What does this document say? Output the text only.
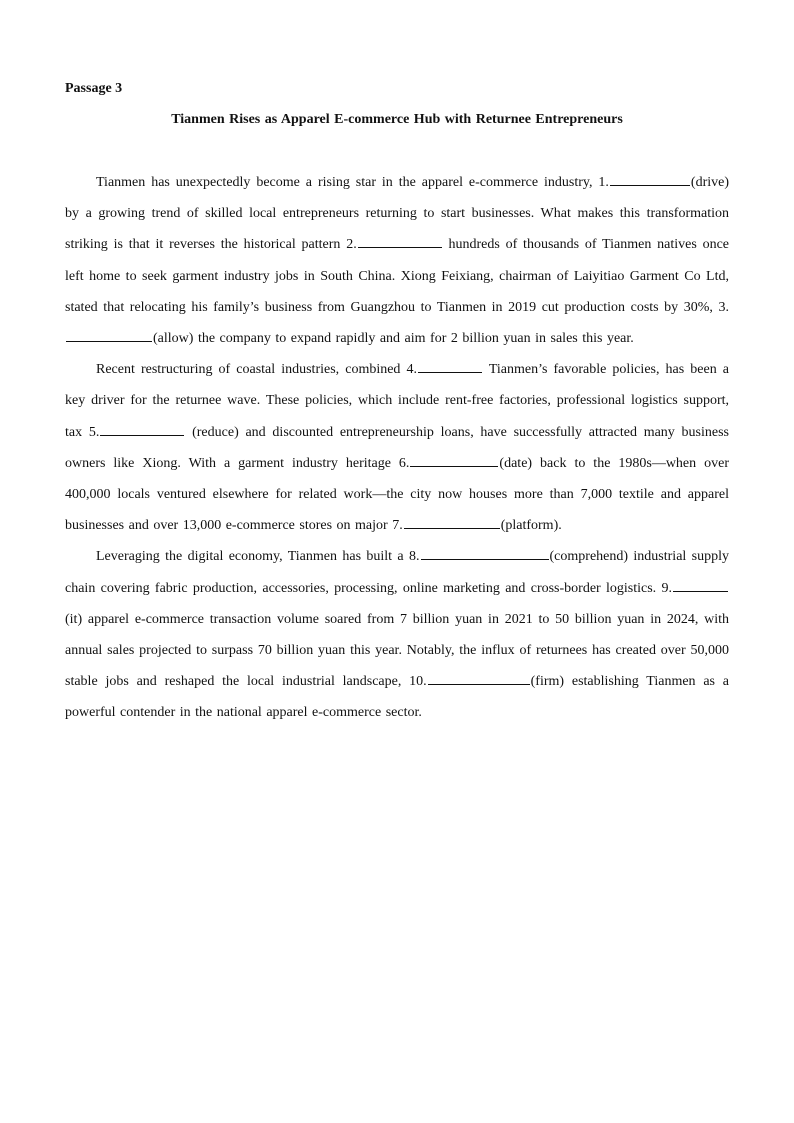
Passage 3

Tianmen Rises as Apparel E-commerce Hub with Returnee Entrepreneurs

Tianmen has unexpectedly become a rising star in the apparel e-commerce industry, 1.	(drive) by a growing trend of skilled local entrepreneurs returning to start businesses. What makes this transformation striking is that it reverses the historical pattern 2.	hundreds of thousands of Tianmen natives once left home to seek garment industry jobs in South China. Xiong Feixiang, chairman of Laiyitiao Garment Co Ltd, stated that relocating his family’s business from Guangzhou to Tianmen in 2019 cut production costs by 30%, 3.(allow) the company to expand rapidly and aim for 2 billion yuan in sales this year.

Recent restructuring of coastal industries, combined 4.	Tianmen’s favorable policies, has been a key driver for the returnee wave. These policies, which include rent-free factories, professional logistics support, tax 5.	(reduce) and discounted entrepreneurship loans, have successfully attracted many business owners like Xiong. With a garment industry heritage 6.	(date) back to the 1980s—when over 400,000 locals ventured elsewhere for related work—the city now houses more than 7,000 textile and apparel businesses and over 13,000 e-commerce stores on major 7.	(platform).

Leveraging the digital economy, Tianmen has built a 8.	(comprehend) industrial supply chain covering fabric production, accessories, processing, online marketing and cross-border logistics. 9.(it) apparel e-commerce transaction volume soared from 7 billion yuan in 2021 to 50 billion yuan in 2024, with annual sales projected to surpass 70 billion yuan this year. Notably, the influx of returnees has created over 50,000 stable jobs and reshaped the local industrial landscape, 10.	(firm) establishing Tianmen as a powerful contender in the national apparel e-commerce sector.
